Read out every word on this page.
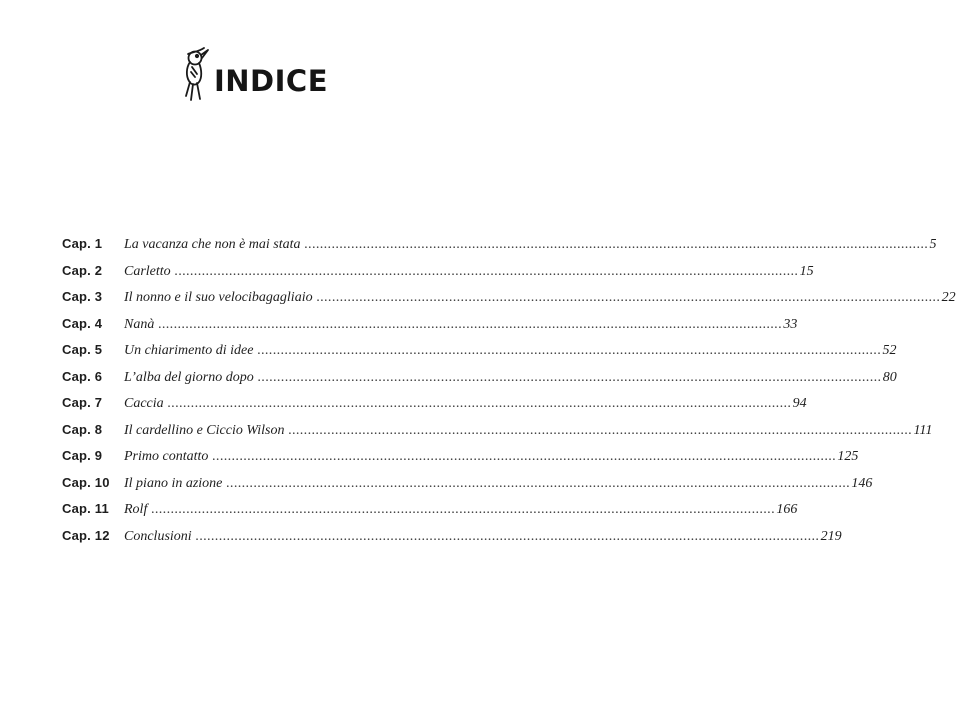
INDICE
Cap. 1	La vacanza che non è mai stata ................................................................................................................................................................ 5
Cap. 2	Carletto ................................................................................................................................................................ 15
Cap. 3	Il nonno e il suo velocibagagliaio ................................................................................................................................................................ 22
Cap. 4	Nanà ................................................................................................................................................................ 33
Cap. 5	Un chiarimento di idee ................................................................................................................................................................ 52
Cap. 6	L’alba del giorno dopo ................................................................................................................................................................ 80
Cap. 7	Caccia ................................................................................................................................................................ 94
Cap. 8	Il cardellino e Ciccio Wilson ................................................................................................................................................................ 111
Cap. 9	Primo contatto ................................................................................................................................................................ 125
Cap. 10	Il piano in azione ................................................................................................................................................................ 146
Cap. 11	Rolf ................................................................................................................................................................ 166
Cap. 12	Conclusioni ................................................................................................................................................................ 219
